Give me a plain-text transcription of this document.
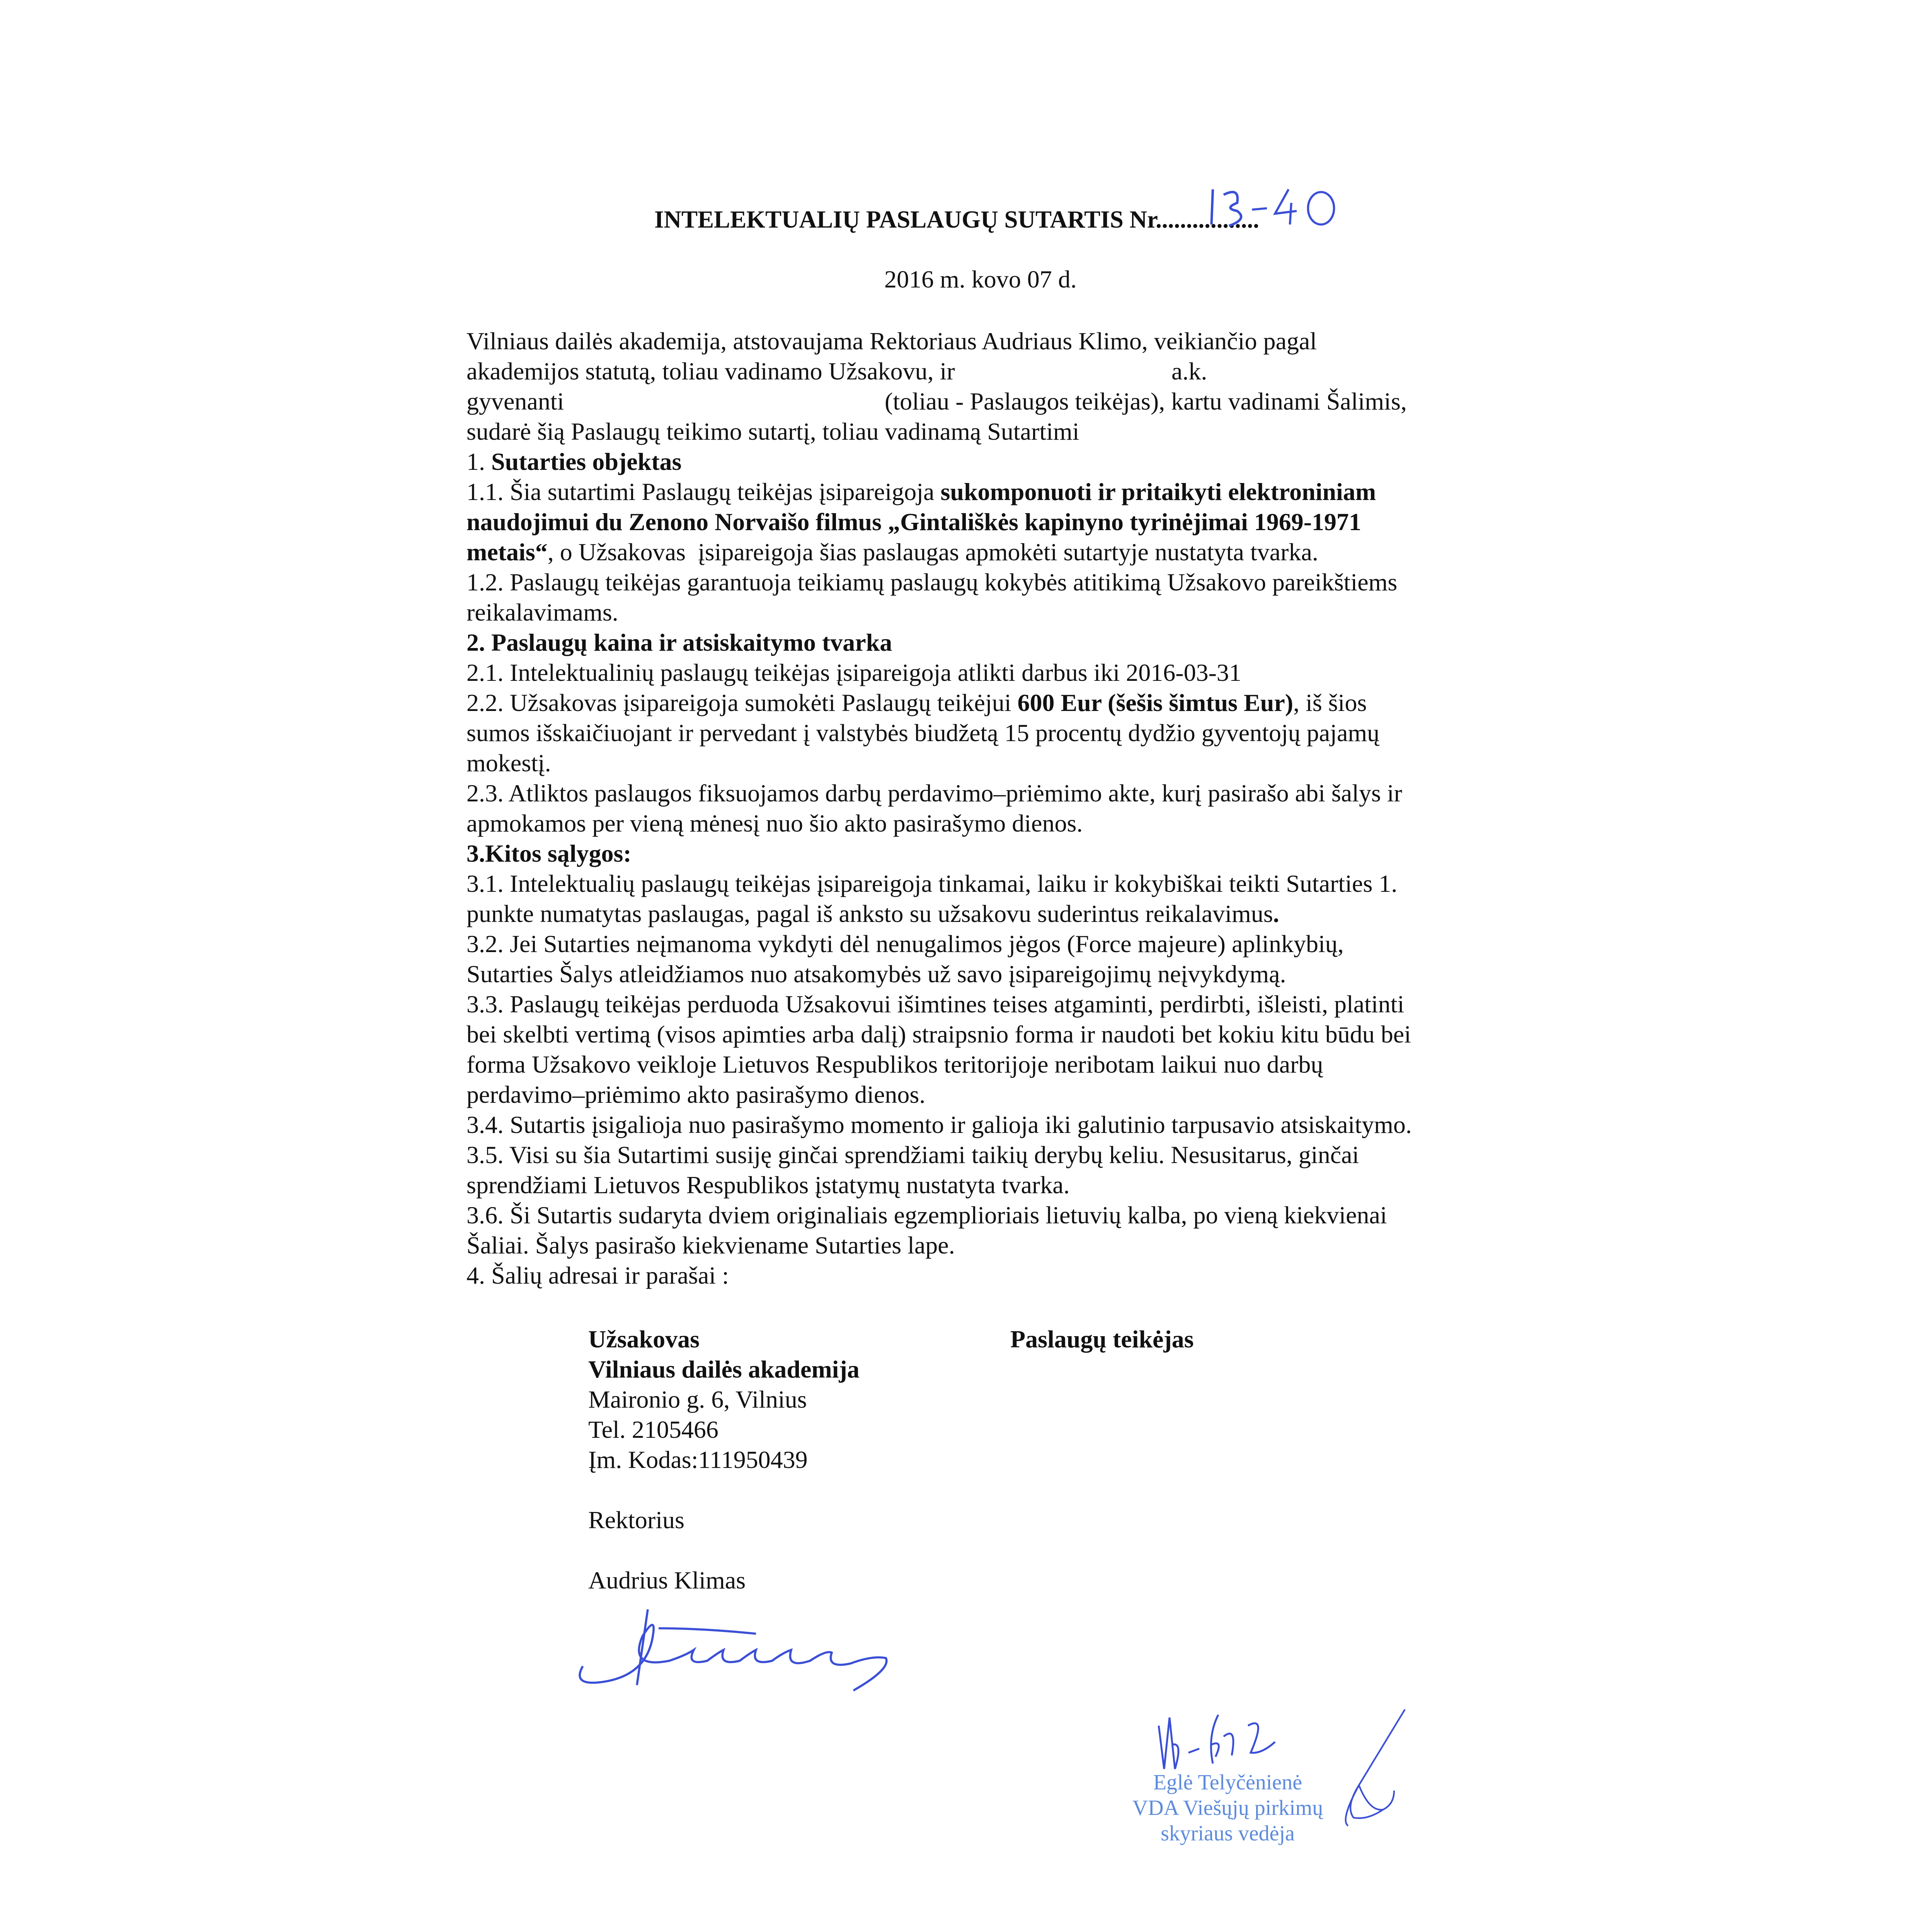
INTELEKTUALIŲ PASLAUGŲ SUTARTIS Nr.................
2016 m. kovo 07 d.
Vilniaus dailės akademija, atstovaujama Rektoriaus Audriaus Klimo, veikiančio pagal
akademijos statutą, toliau vadinamo Užsakovu, ir	a.k.
gyvenanti	(toliau - Paslaugos teikėjas), kartu vadinami Šalimis,
sudarė šią Paslaugų teikimo sutartį, toliau vadinamą Sutartimi
1. Sutarties objektas
1.1. Šia sutartimi Paslaugų teikėjas įsipareigoja sukomponuoti ir pritaikyti elektroniniam
naudojimui du Zenono Norvaišo filmus „Gintališkės kapinyno tyrinėjimai 1969-1971
metais“, o Užsakovas  įsipareigoja šias paslaugas apmokėti sutartyje nustatyta tvarka.
1.2. Paslaugų teikėjas garantuoja teikiamų paslaugų kokybės atitikimą Užsakovo pareikštiems
reikalavimams.
2. Paslaugų kaina ir atsiskaitymo tvarka
2.1. Intelektualinių paslaugų teikėjas įsipareigoja atlikti darbus iki 2016-03-31
2.2. Užsakovas įsipareigoja sumokėti Paslaugų teikėjui 600 Eur (šešis šimtus Eur), iš šios
sumos išskaičiuojant ir pervedant į valstybės biudžetą 15 procentų dydžio gyventojų pajamų
mokestį.
2.3. Atliktos paslaugos fiksuojamos darbų perdavimo–priėmimo akte, kurį pasirašo abi šalys ir
apmokamos per vieną mėnesį nuo šio akto pasirašymo dienos.
3.Kitos sąlygos:
3.1. Intelektualių paslaugų teikėjas įsipareigoja tinkamai, laiku ir kokybiškai teikti Sutarties 1.
punkte numatytas paslaugas, pagal iš anksto su užsakovu suderintus reikalavimus.
3.2. Jei Sutarties neįmanoma vykdyti dėl nenugalimos jėgos (Force majeure) aplinkybių,
Sutarties Šalys atleidžiamos nuo atsakomybės už savo įsipareigojimų neįvykdymą.
3.3. Paslaugų teikėjas perduoda Užsakovui išimtines teises atgaminti, perdirbti, išleisti, platinti
bei skelbti vertimą (visos apimties arba dalį) straipsnio forma ir naudoti bet kokiu kitu būdu bei
forma Užsakovo veikloje Lietuvos Respublikos teritorijoje neribotam laikui nuo darbų
perdavimo–priėmimo akto pasirašymo dienos.
3.4. Sutartis įsigalioja nuo pasirašymo momento ir galioja iki galutinio tarpusavio atsiskaitymo.
3.5. Visi su šia Sutartimi susiję ginčai sprendžiami taikių derybų keliu. Nesusitarus, ginčai
sprendžiami Lietuvos Respublikos įstatymų nustatyta tvarka.
3.6. Ši Sutartis sudaryta dviem originaliais egzemplioriais lietuvių kalba, po vieną kiekvienai
Šaliai. Šalys pasirašo kiekviename Sutarties lape.
4. Šalių adresai ir parašai :
Užsakovas
Vilniaus dailės akademija
Maironio g. 6, Vilnius
Tel. 2105466
Įm. Kodas:111950439
Rektorius
Audrius Klimas
Paslaugų teikėjas
Eglė Telyčėnienė
VDA Viešųjų pirkimų
skyriaus vedėja
